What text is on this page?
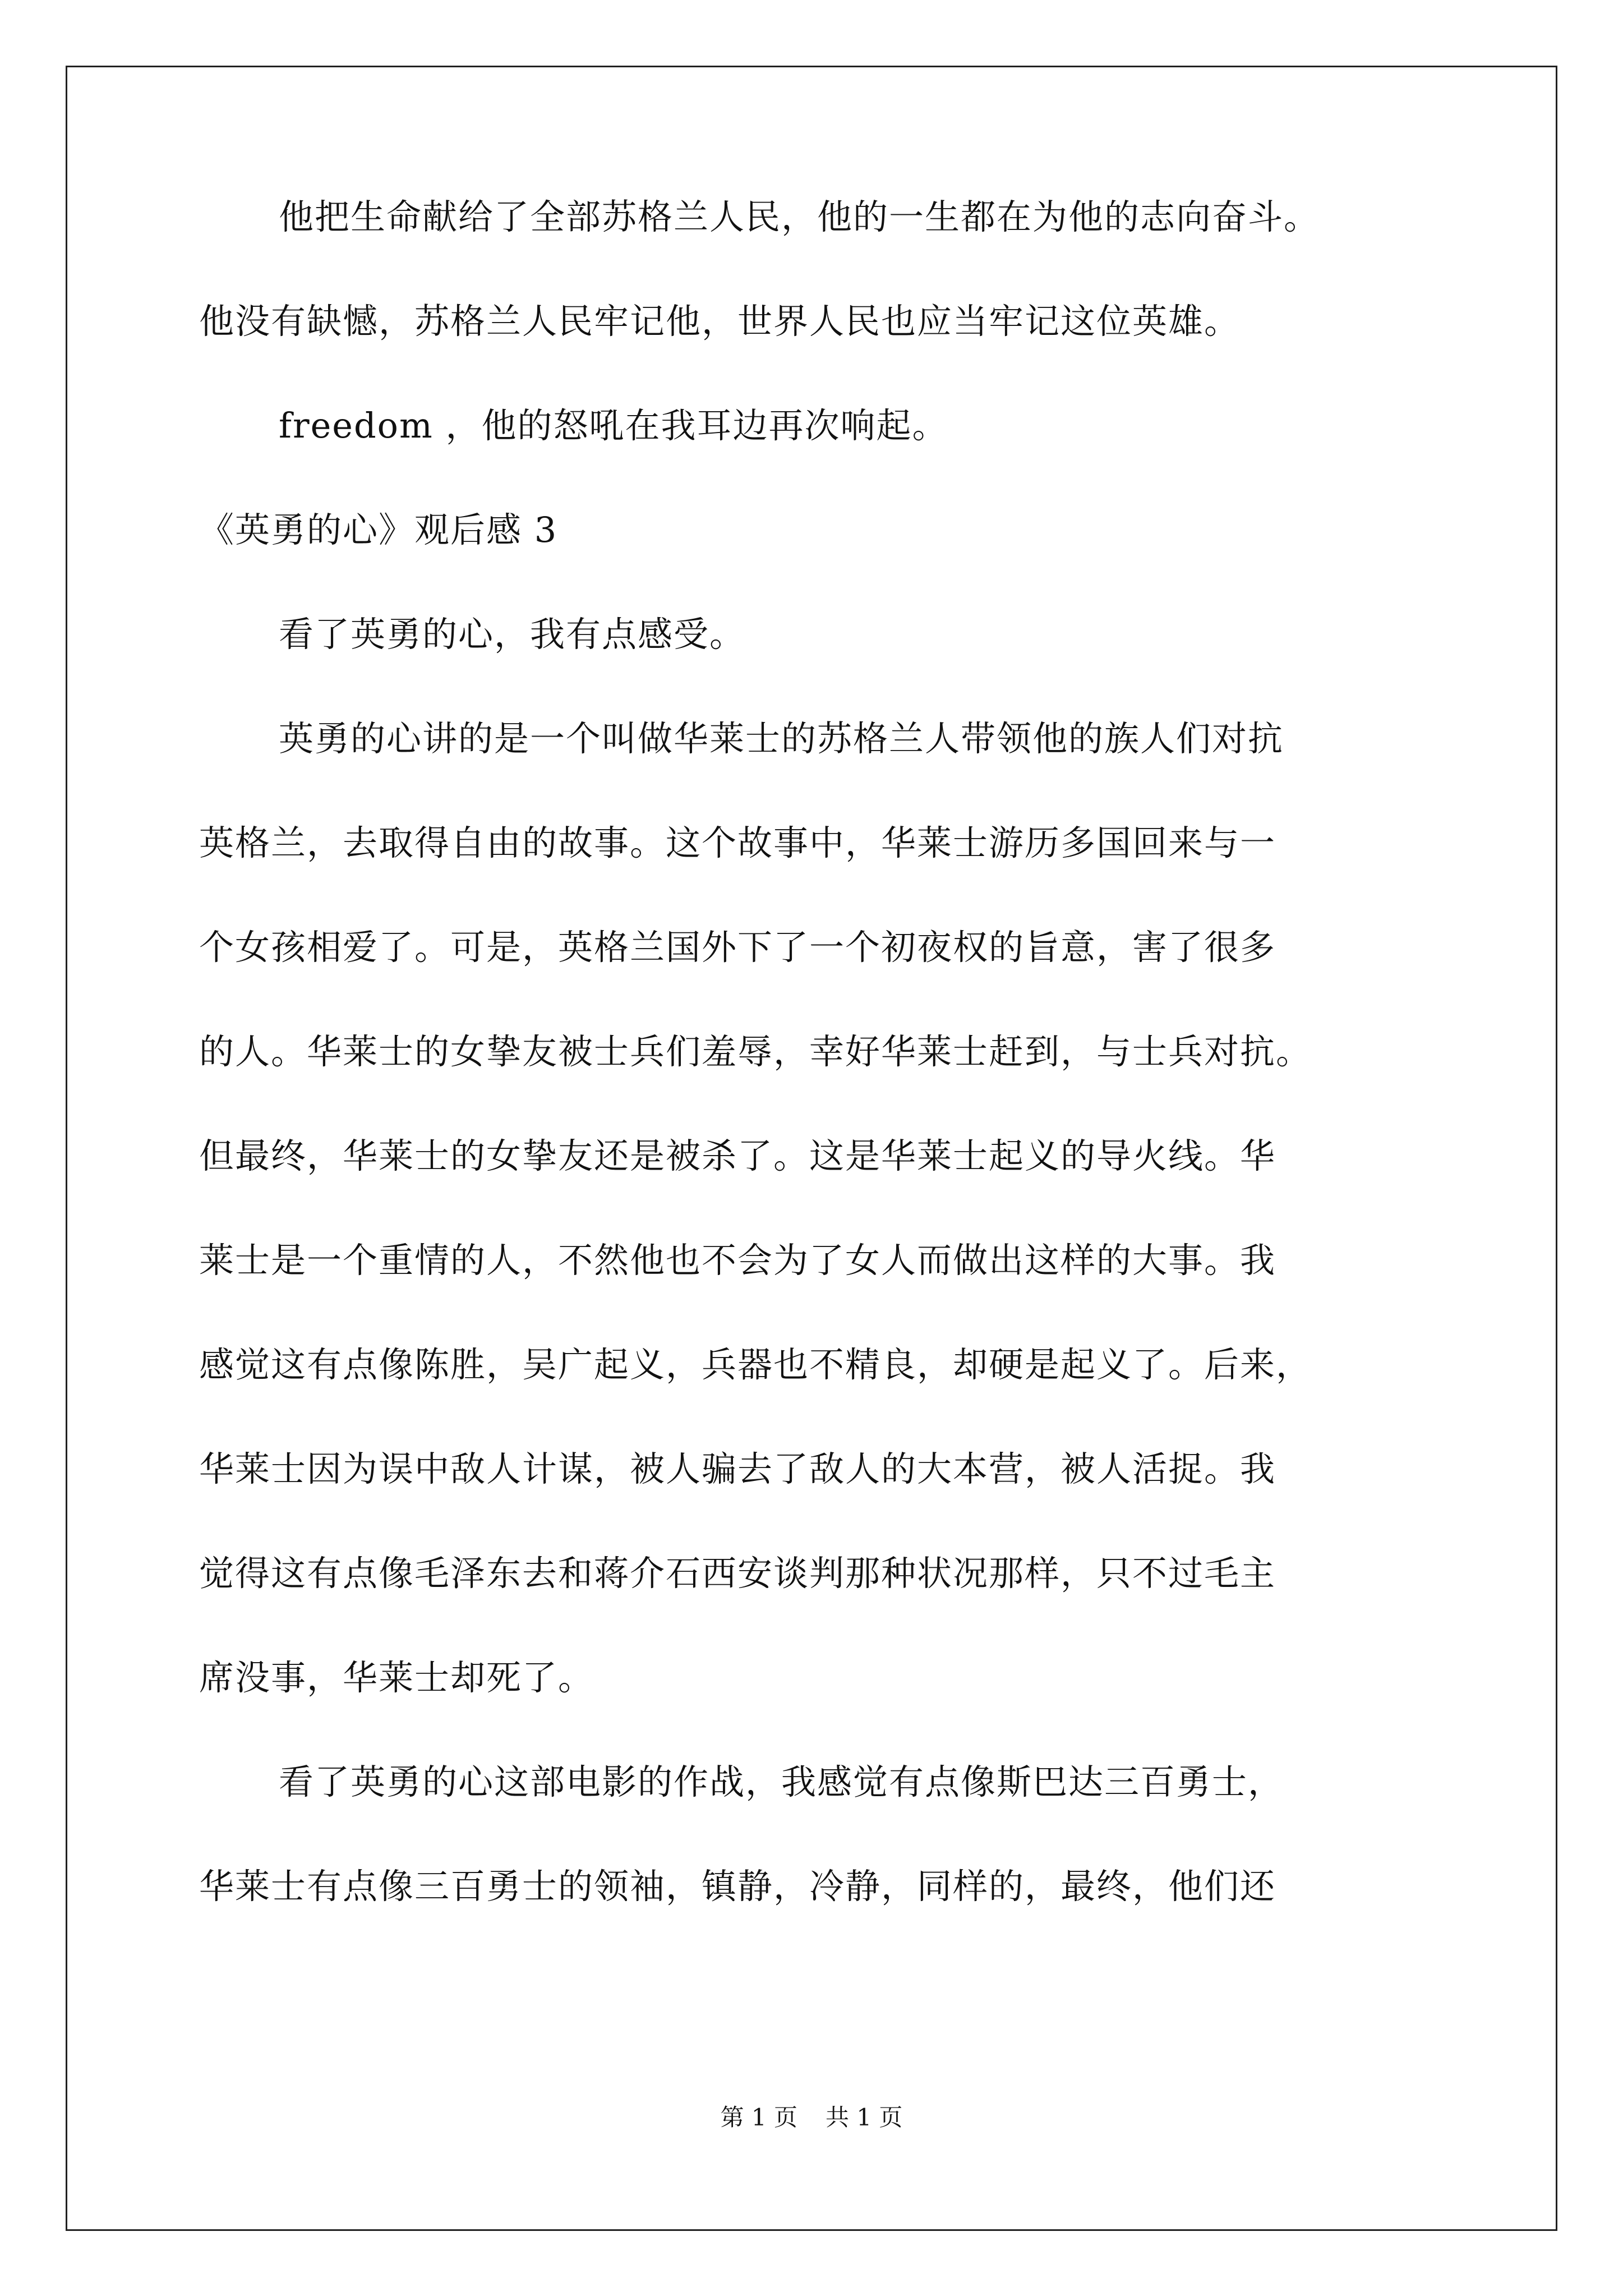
他把生命献给了全部苏格兰人民，他的一生都在为他的志向奋斗。
他没有缺憾，苏格兰人民牢记他，世界人民也应当牢记这位英雄。
freedom ，他的怒吼在我耳边再次响起。
《英勇的心》观后感 3
看了英勇的心，我有点感受。
英勇的心讲的是一个叫做华莱士的苏格兰人带领他的族人们对抗
英格兰，去取得自由的故事。这个故事中，华莱士游历多国回来与一
个女孩相爱了。可是，英格兰国外下了一个初夜权的旨意，害了很多
的人。华莱士的女挚友被士兵们羞辱，幸好华莱士赶到，与士兵对抗。
但最终，华莱士的女挚友还是被杀了。这是华莱士起义的导火线。华
莱士是一个重情的人，不然他也不会为了女人而做出这样的大事。我
感觉这有点像陈胜，吴广起义，兵器也不精良，却硬是起义了。后来，
华莱士因为误中敌人计谋，被人骗去了敌人的大本营，被人活捉。我
觉得这有点像毛泽东去和蒋介石西安谈判那种状况那样，只不过毛主
席没事，华莱士却死了。
看了英勇的心这部电影的作战，我感觉有点像斯巴达三百勇士，
华莱士有点像三百勇士的领袖，镇静，冷静，同样的，最终，他们还
第 1 页 共 1 页
